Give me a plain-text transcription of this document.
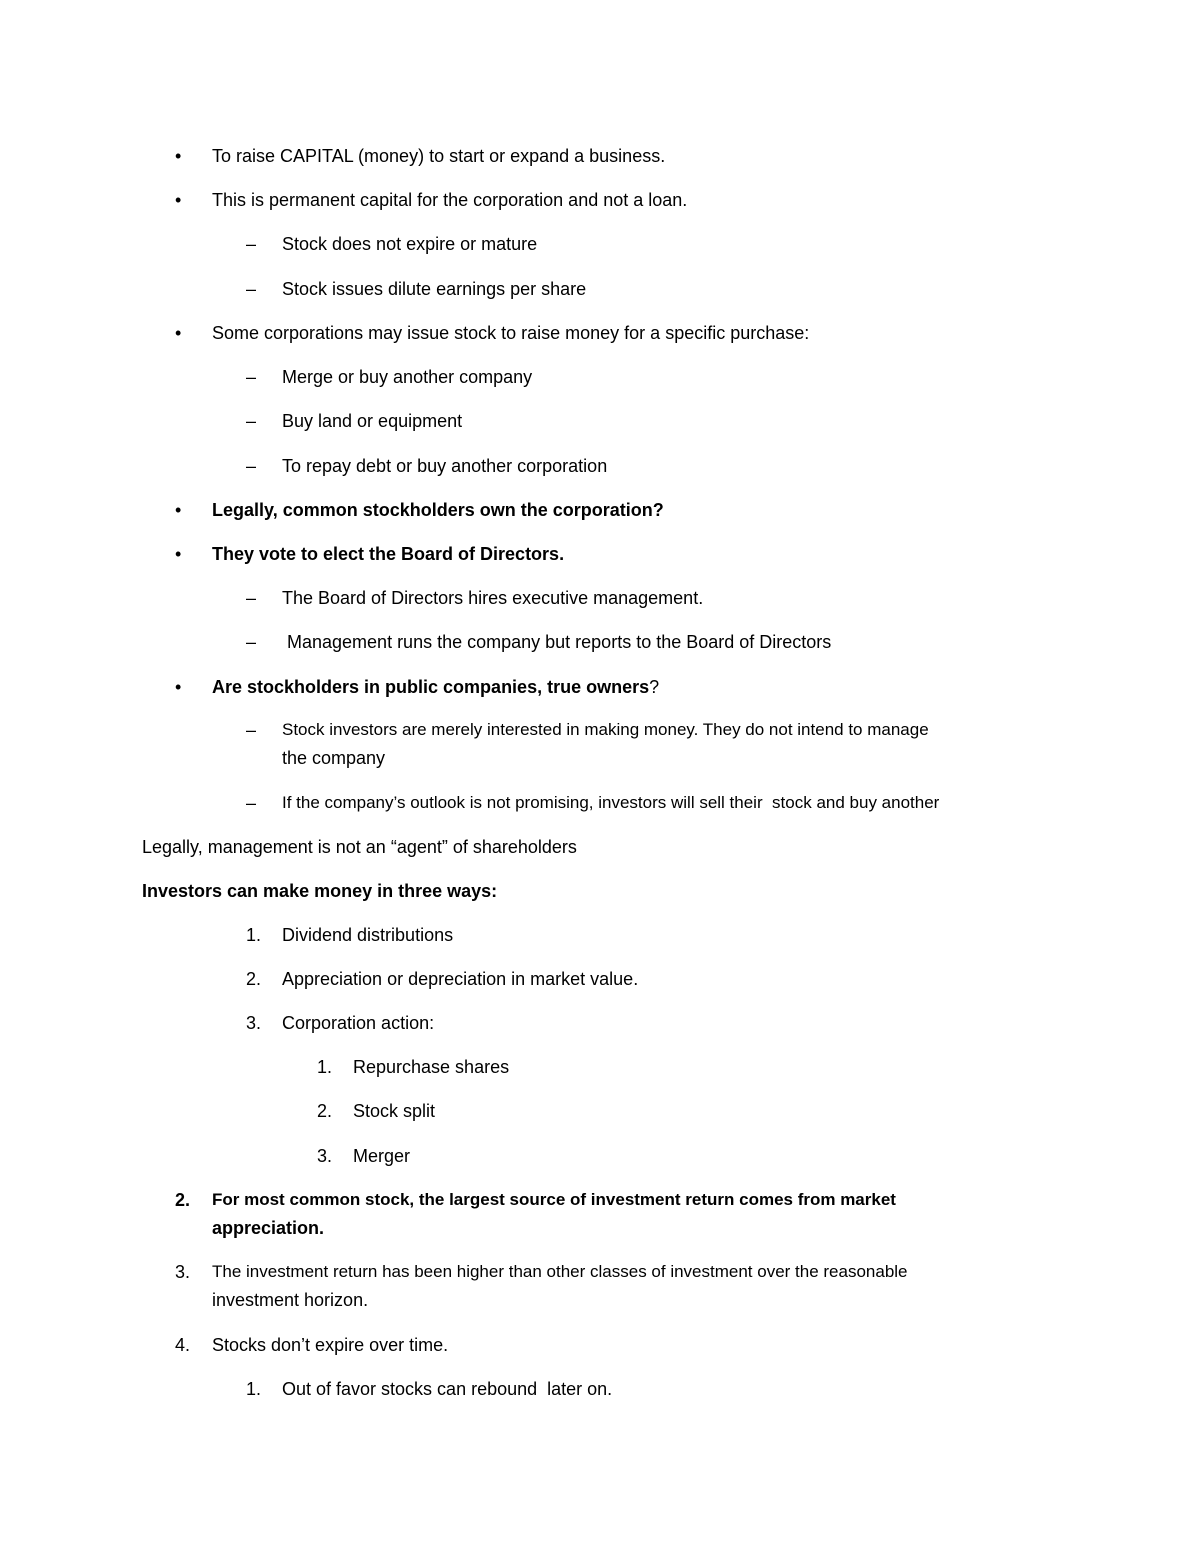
• To raise CAPITAL (money) to start or expand a business.
• This is permanent capital for the corporation and not a loan.
– Stock does not expire or mature
– Stock issues dilute earnings per share
• Some corporations may issue stock to raise money for a specific purchase:
– Merge or buy another company
– Buy land or equipment
– To repay debt or buy another corporation
• Legally, common stockholders own the corporation?
• They vote to elect the Board of Directors.
– The Board of Directors hires executive management.
– Management runs the company but reports to the Board of Directors
• Are stockholders in public companies, true owners?
– Stock investors are merely interested in making money. They do not intend to manage
the company
– If the company’s outlook is not promising, investors will sell their  stock and buy another
Legally, management is not an “agent” of shareholders
Investors can make money in three ways:
1. Dividend distributions
2. Appreciation or depreciation in market value.
3. Corporation action:
1. Repurchase shares
2. Stock split
3. Merger
2. For most common stock, the largest source of investment return comes from market
appreciation.
3. The investment return has been higher than other classes of investment over the reasonable
investment horizon.
4. Stocks don’t expire over time.
1. Out of favor stocks can rebound  later on.
